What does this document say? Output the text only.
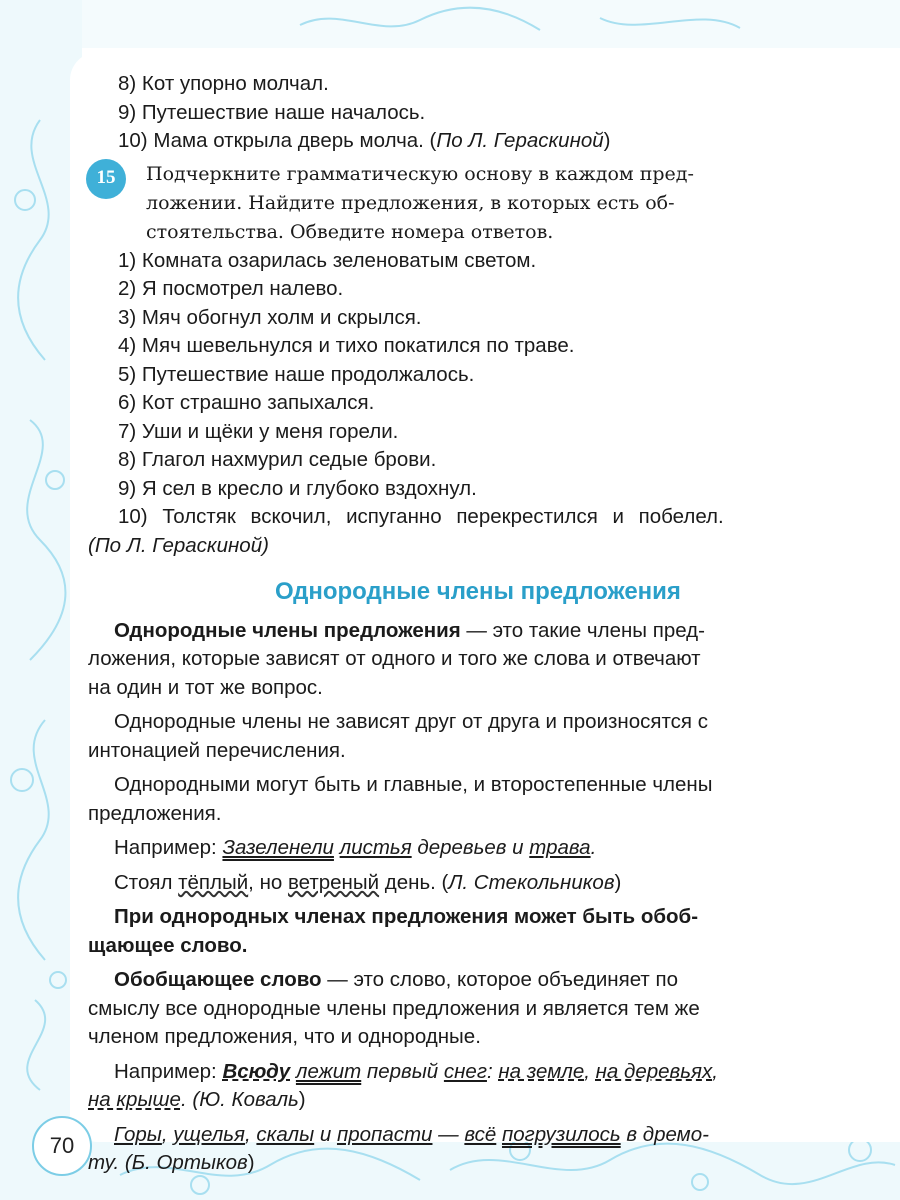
8) Кот упорно молчал.
9) Путешествие наше началось.
10) Мама открыла дверь молча. (По Л. Гераскиной)
15	Подчеркните грамматическую основу в каждом пред-
ложении. Найдите предложения, в которых есть об-
стоятельства. Обведите номера ответов.
1) Комната озарилась зеленоватым светом.
2) Я посмотрел налево.
3) Мяч обогнул холм и скрылся.
4) Мяч шевельнулся и тихо покатился по траве.
5) Путешествие наше продолжалось.
6) Кот страшно запыхался.
7) Уши и щёки у меня горели.
8) Глагол нахмурил седые брови.
9) Я сел в кресло и глубоко вздохнул.
10) Толстяк вскочил, испуганно перекрестился и побелел.
(По Л. Гераскиной)
Однородные члены предложения
Однородные члены предложения — это такие члены пред-
ложения, которые зависят от одного и того же слова и отвечают
на один и тот же вопрос.
Однородные члены не зависят друг от друга и произносятся с
интонацией перечисления.
Однородными могут быть и главные, и второстепенные члены
предложения.
Например: Зазеленели листья деревьев и трава.
Стоял тёплый, но ветреный день. (Л. Стекольников)
При однородных членах предложения может быть обоб-
щающее слово.
Обобщающее слово — это слово, которое объединяет по
смыслу все однородные члены предложения и является тем же
членом предложения, что и однородные.
Например: Всюду лежит первый снег: на земле, на деревьях,
на крыше. (Ю. Коваль)
Горы, ущелья, скалы и пропасти — всё погрузилось в дремо-
ту. (Б. Ортыков)
70
